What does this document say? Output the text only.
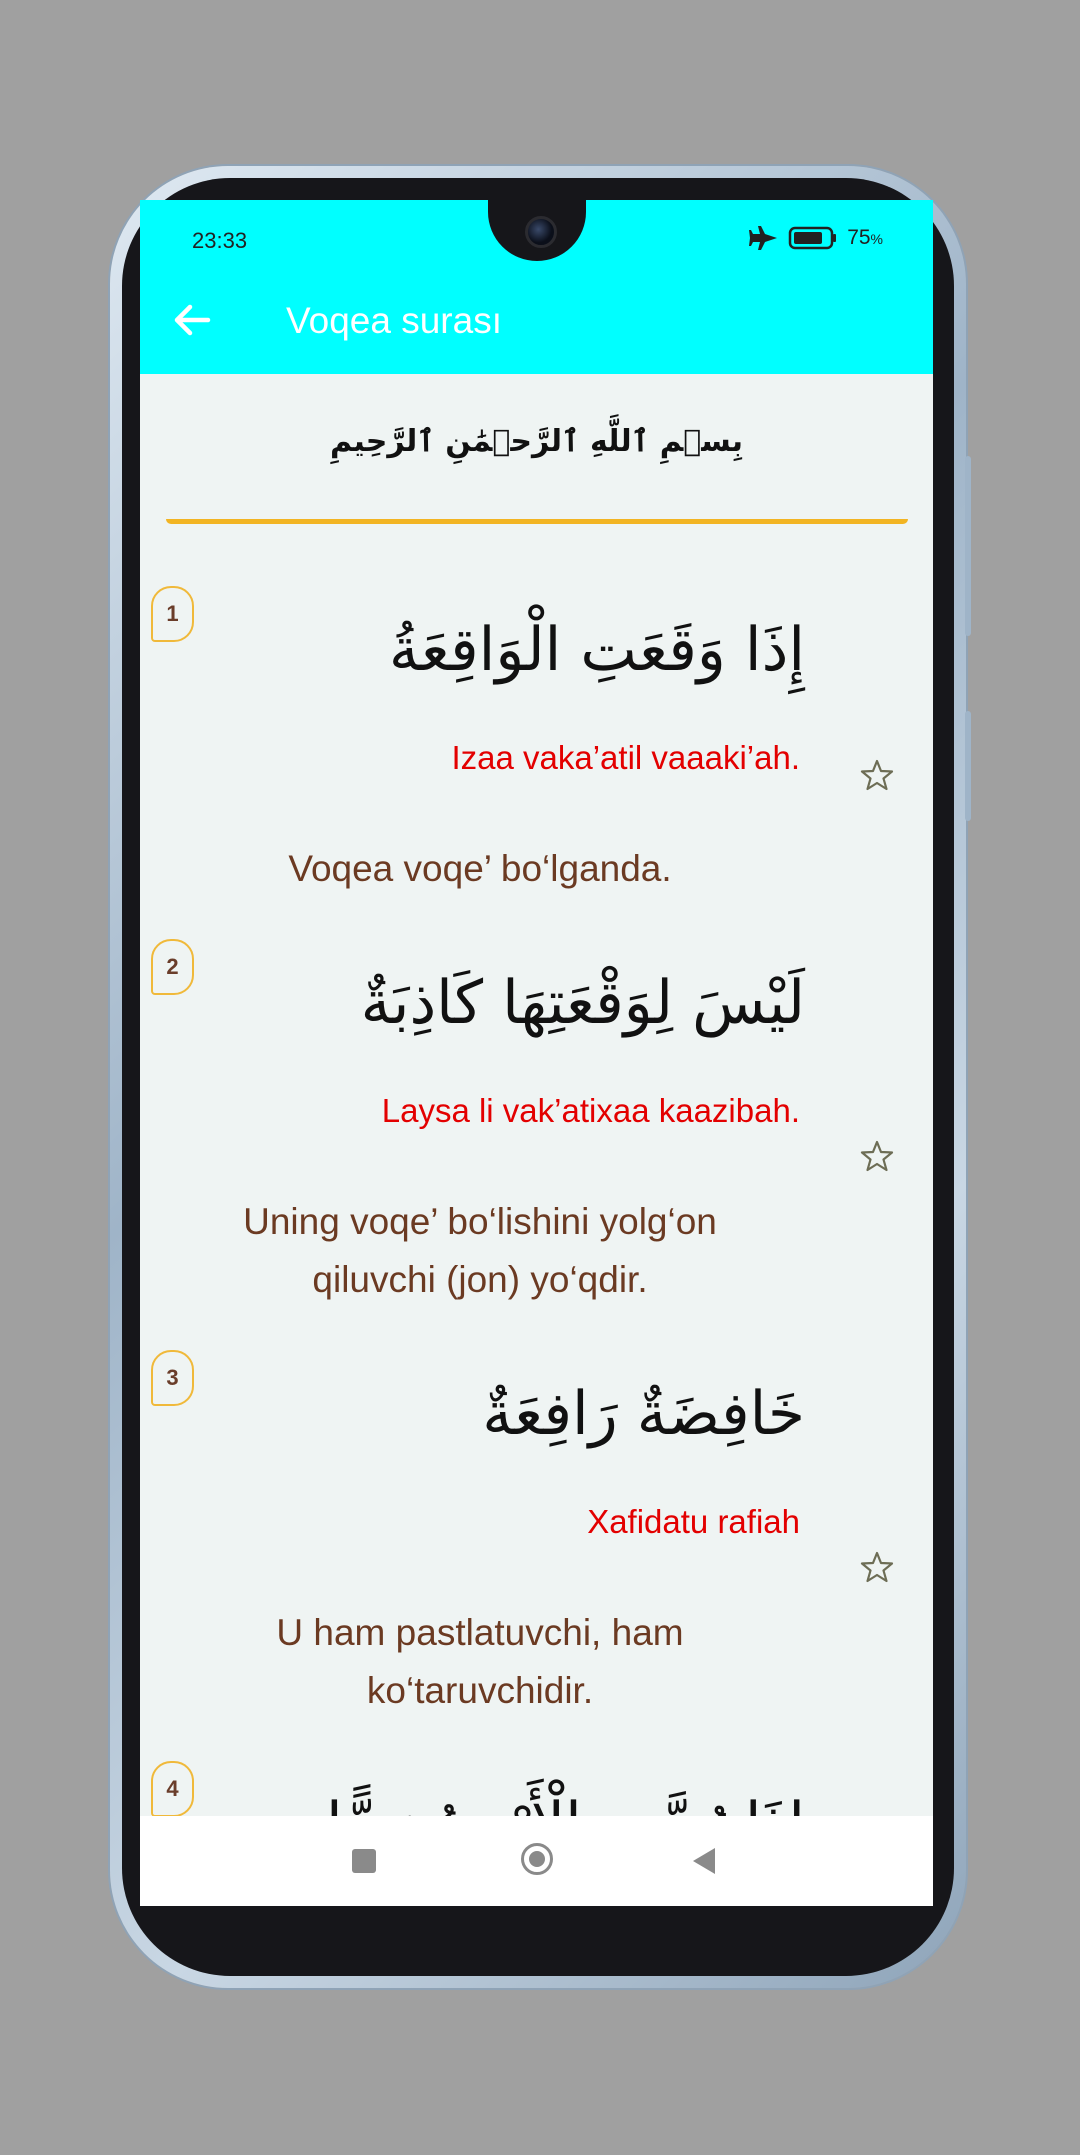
23:33	75%
Voqea surası
بِسۡمِ ٱللَّهِ ٱلرَّحۡمَٰنِ ٱلرَّحِيمِ
1
إِذَا وَقَعَتِ الْوَاقِعَةُ
Izaa vaka’atil vaaaki’ah.
Voqea voqe’ bo‘lganda.
2
لَيْسَ لِوَقْعَتِهَا كَاذِبَةٌ
Laysa li vak’atixaa kaazibah.
Uning voqe’ bo‘lishini yolg‘on qiluvchi (jon) yo‘qdir.
3
خَافِضَةٌ رَافِعَةٌ
Xafidatu rafiah
U ham pastlatuvchi, ham ko‘taruvchidir.
4
